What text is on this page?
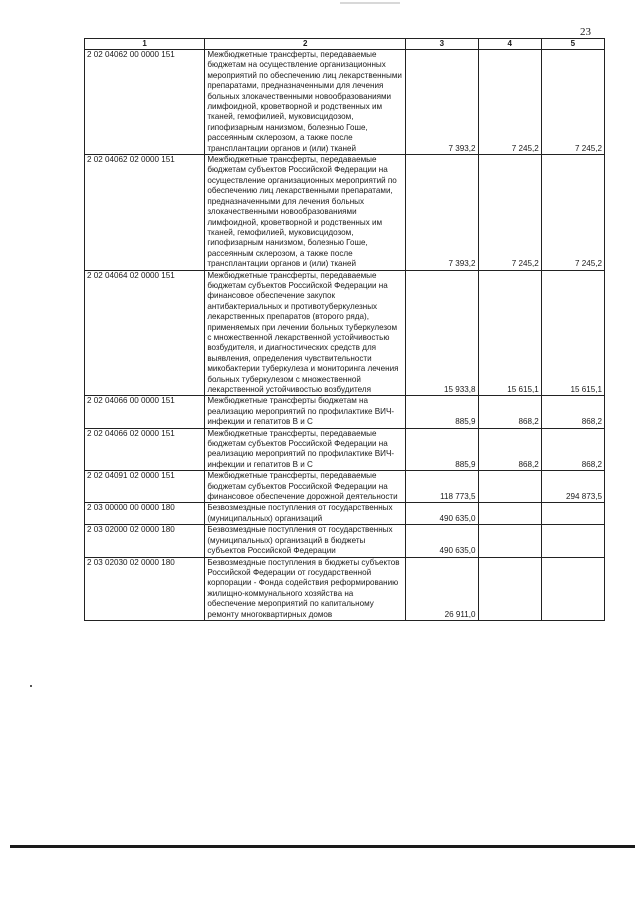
23
1	2	3	4	5
2 02 04062 00 0000 151	Межбюджетные трансферты, передаваемые бюджетам на осуществление организационных мероприятий по обеспечению лиц лекарственными препаратами, предназначенными для лечения больных злокачественными новообразованиями лимфоидной, кроветворной и родственных им тканей, гемофилией, муковисцидозом, гипофизарным нанизмом, болезнью Гоше, рассеянным склерозом, а также после трансплантации органов и (или) тканей	7 393,2	7 245,2	7 245,2
2 02 04062 02 0000 151	Межбюджетные трансферты, передаваемые бюджетам субъектов Российской Федерации на осуществление организационных мероприятий по обеспечению лиц лекарственными препаратами, предназначенными для лечения больных злокачественными новообразованиями лимфоидной, кроветворной и родственных им тканей, гемофилией, муковисцидозом, гипофизарным нанизмом, болезнью Гоше, рассеянным склерозом, а также после трансплантации органов и (или) тканей	7 393,2	7 245,2	7 245,2
2 02 04064 02 0000 151	Межбюджетные трансферты, передаваемые бюджетам субъектов Российской Федерации на финансовое обеспечение закупок антибактериальных и противотуберкулезных лекарственных препаратов (второго ряда), применяемых при лечении больных туберкулезом с множественной лекарственной устойчивостью возбудителя, и диагностических средств для выявления, определения чувствительности микобактерии туберкулеза и мониторинга лечения больных туберкулезом с множественной лекарственной устойчивостью возбудителя	15 933,8	15 615,1	15 615,1
2 02 04066 00 0000 151	Межбюджетные трансферты бюджетам на реализацию мероприятий по профилактике ВИЧ-инфекции и гепатитов B и C	885,9	868,2	868,2
2 02 04066 02 0000 151	Межбюджетные трансферты, передаваемые бюджетам субъектов Российской Федерации на реализацию мероприятий по профилактике ВИЧ-инфекции и гепатитов B и C	885,9	868,2	868,2
2 02 04091 02 0000 151	Межбюджетные трансферты, передаваемые бюджетам субъектов Российской Федерации на финансовое обеспечение дорожной деятельности	118 773,5		294 873,5
2 03 00000 00 0000 180	Безвозмездные поступления от государственных (муниципальных) организаций	490 635,0		
2 03 02000 02 0000 180	Безвозмездные поступления от государственных (муниципальных) организаций в бюджеты субъектов Российской Федерации	490 635,0		
2 03 02030 02 0000 180	Безвозмездные поступления в бюджеты субъектов Российской Федерации от государственной корпорации - Фонда содействия реформированию жилищно-коммунального хозяйства на обеспечение мероприятий по капитальному ремонту многоквартирных домов	26 911,0		
